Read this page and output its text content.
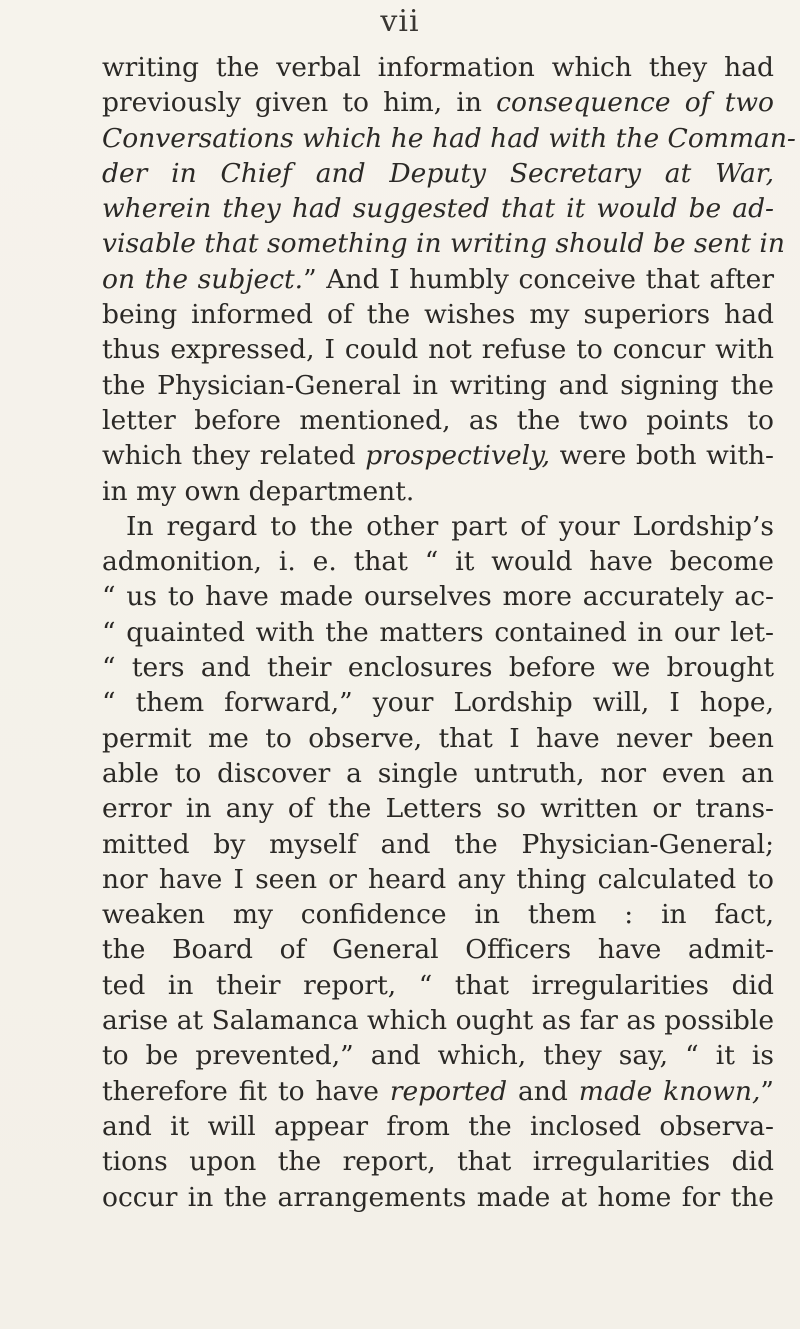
vii
writing the verbal information which they had
previously given to him, in consequence of two
Conversations which he had had with the Comman-
der in Chief and Deputy Secretary at War,
wherein they had suggested that it would be ad-
visable that something in writing should be sent in
on the subject.” And I humbly conceive that after
being informed of the wishes my superiors had
thus expressed, I could not refuse to concur with
the Physician-General in writing and signing the
letter before mentioned, as the two points to
which they related prospectively, were both with-
in my own department.
In regard to the other part of your Lordship’s
admonition, i. e. that “ it would have become
“ us to have made ourselves more accurately ac-
“ quainted with the matters contained in our let-
“ ters and their enclosures before we brought
“ them forward,” your Lordship will, I hope,
permit me to observe, that I have never been
able to discover a single untruth, nor even an
error in any of the Letters so written or trans-
mitted by myself and the Physician-General;
nor have I seen or heard any thing calculated to
weaken my confidence in them : in fact,
the Board of General Officers have admit-
ted in their report, “ that irregularities did
arise at Salamanca which ought as far as possible
to be prevented,” and which, they say, “ it is
therefore fit to have reported and made known,”
and it will appear from the inclosed observa-
tions upon the report, that irregularities did
occur in the arrangements made at home for the
